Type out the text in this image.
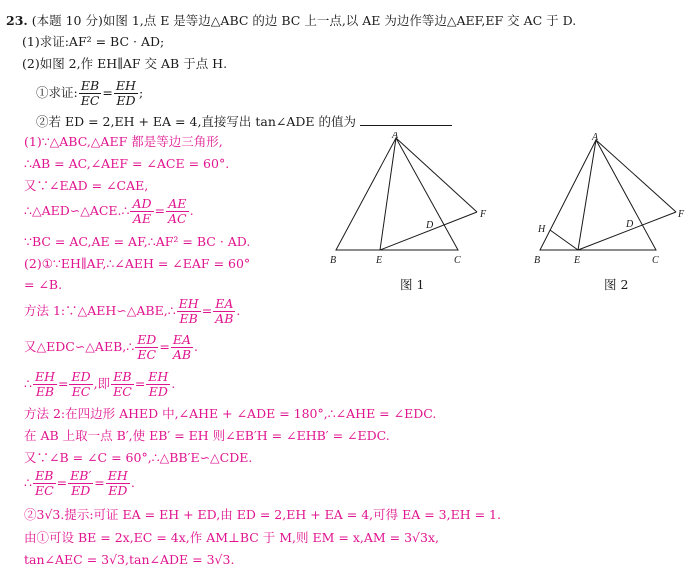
23. (本题 10 分)如图 1,点 E 是等边△ABC 的边 BC 上一点,以 AE 为边作等边△AEF,EF 交 AC 于 D.
(1)求证:AF² = BC · AD;
(2)如图 2,作 EH∥AF 交 AB 于点 H.
①求证: $\frac{EB}{EC} = \frac{EH}{ED}$ ;
②若 ED = 2,EH + EA = 4,直接写出 tan∠ADE 的值为
A
B	C
D
E
F
图 1
A
B	C
D
E
F
H
图 2
(1)∵△ABC,△AEF 都是等边三角形,
∴AB = AC,∠AEF = ∠ACE = 60°.
又∵∠EAD = ∠CAE,
∴△AED∽△ACE.∴ $\frac{AD}{AE} = \frac{AE}{AC}$ .
∵BC = AC,AE = AF,∴AF² = BC · AD.
(2)①∵EH∥AF,∴∠AEH = ∠EAF = 60°
= ∠B.
方法 1:∵△AEH∽△ABE,∴ $\frac{EH}{EB} = \frac{EA}{AB}$ .
又△EDC∽△AEB,∴ $\frac{ED}{EC} = \frac{EA}{AB}$ .
∴ $\frac{EH}{EB} = \frac{ED}{EC}$ ,即 $\frac{EB}{EC} = \frac{EH}{ED}$ .
方法 2:在四边形 AHED 中,∠AHE + ∠ADE = 180°,∴∠AHE = ∠EDC.
在 AB 上取一点 B′,使 EB′ = EH 则∠EB′H = ∠EHB′ = ∠EDC.
又∵∠B = ∠C = 60°,∴△BB′E∽△CDE.
∴ $\frac{EB}{EC} = \frac{EB'}{ED} = \frac{EH}{ED}$ .
②3√3.提示:可证 EA = EH + ED,由 ED = 2,EH + EA = 4,可得 EA = 3,EH = 1.
由①可设 BE = 2x,EC = 4x,作 AM⊥BC 于 M,则 EM = x,AM = 3√3x,
tan∠AEC = 3√3,tan∠ADE = 3√3.
